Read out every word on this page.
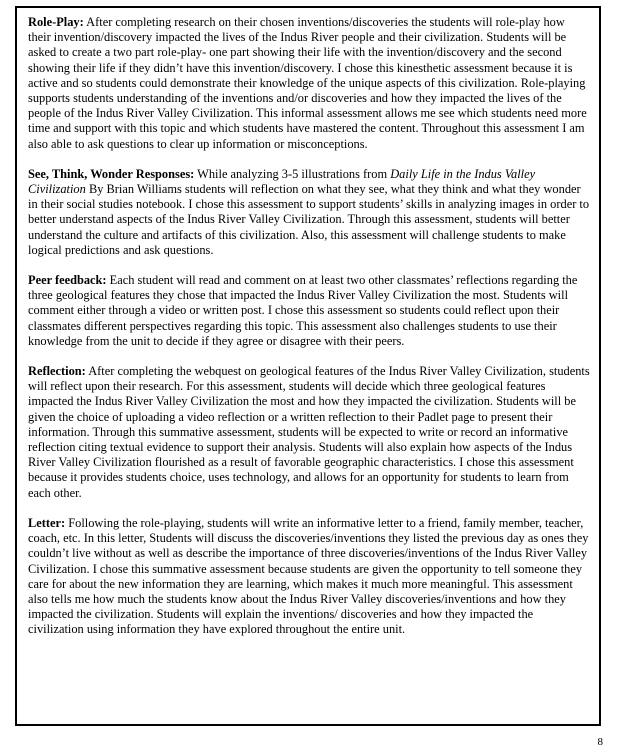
Role-Play: After completing research on their chosen inventions/discoveries the students will role-play how their invention/discovery impacted the lives of the Indus River people and their civilization. Students will be asked to create a two part role-play- one part showing their life with the invention/discovery and the second showing their life if they didn’t have this invention/discovery. I chose this kinesthetic assessment because it is active and so students could demonstrate their knowledge of the unique aspects of this civilization. Role-playing supports students understanding of the inventions and/or discoveries and how they impacted the lives of the people of the Indus River Valley Civilization. This informal assessment allows me see which students need more time and support with this topic and which students have mastered the content. Throughout this assessment I am also able to ask questions to clear up information or misconceptions.

See, Think, Wonder Responses: While analyzing 3-5 illustrations from Daily Life in the Indus Valley Civilization By Brian Williams students will reflection on what they see, what they think and what they wonder in their social studies notebook. I chose this assessment to support students’ skills in analyzing images in order to better understand aspects of the Indus River Valley Civilization. Through this assessment, students will better understand the culture and artifacts of this civilization. Also, this assessment will challenge students to make logical predictions and ask questions.

Peer feedback: Each student will read and comment on at least two other classmates’ reflections regarding the three geological features they chose that impacted the Indus River Valley Civilization the most. Students will comment either through a video or written post. I chose this assessment so students could reflect upon their classmates different perspectives regarding this topic. This assessment also challenges students to use their knowledge from the unit to decide if they agree or disagree with their peers.

Reflection: After completing the webquest on geological features of the Indus River Valley Civilization, students will reflect upon their research. For this assessment, students will decide which three geological features impacted the Indus River Valley Civilization the most and how they impacted the civilization. Students will be given the choice of uploading a video reflection or a written reflection to their Padlet page to present their information. Through this summative assessment, students will be expected to write or record an informative reflection citing textual evidence to support their analysis. Students will also explain how aspects of the Indus River Valley Civilization flourished as a result of favorable geographic characteristics. I chose this assessment because it provides students choice, uses technology, and allows for an opportunity for students to learn from each other.

Letter: Following the role-playing, students will write an informative letter to a friend, family member, teacher, coach, etc. In this letter, Students will discuss the discoveries/inventions they listed the previous day as ones they couldn’t live without as well as describe the importance of three discoveries/inventions of the Indus River Valley Civilization. I chose this summative assessment because students are given the opportunity to tell someone they care for about the new information they are learning, which makes it much more meaningful. This assessment also tells me how much the students know about the Indus River Valley discoveries/inventions and how they impacted the civilization. Students will explain the inventions/ discoveries and how they impacted the civilization using information they have explored throughout the entire unit.

8
